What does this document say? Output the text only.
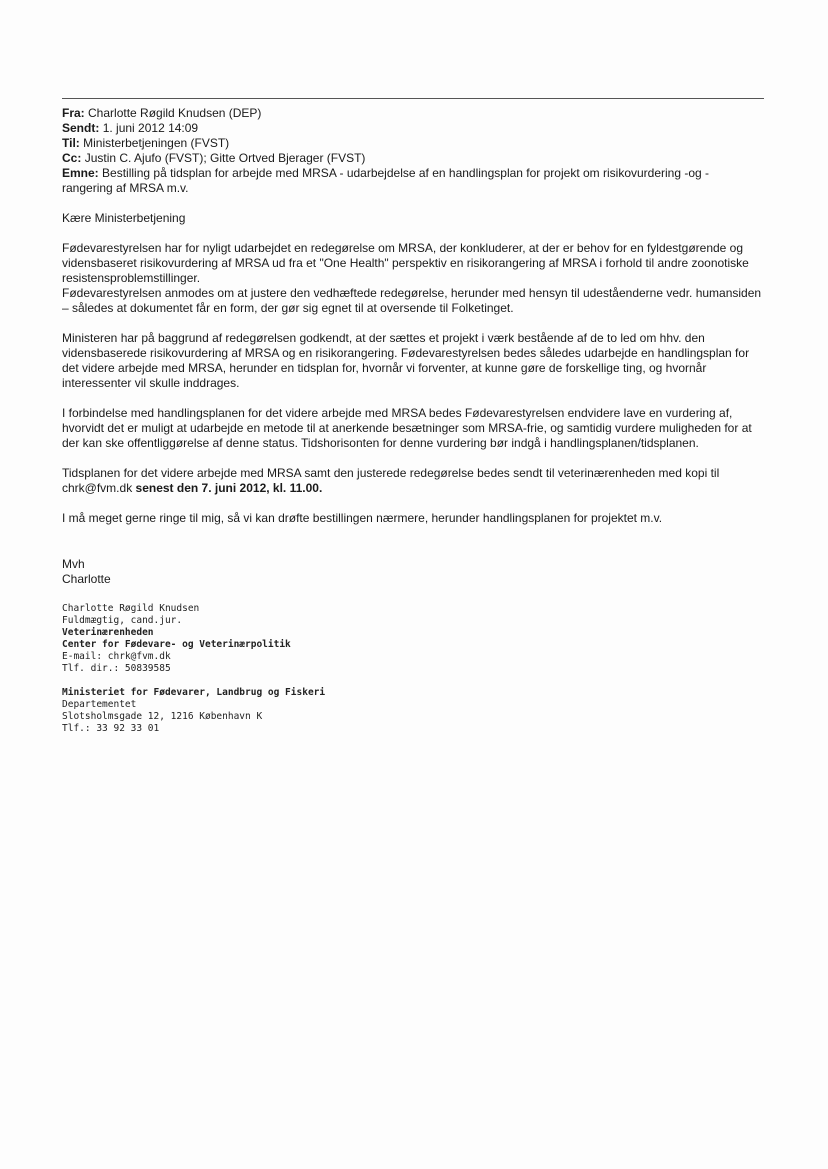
Fra: Charlotte Røgild Knudsen (DEP)
Sendt: 1. juni 2012 14:09
Til: Ministerbetjeningen (FVST)
Cc: Justin C. Ajufo (FVST); Gitte Ortved Bjerager (FVST)
Emne: Bestilling på tidsplan for arbejde med MRSA - udarbejdelse af en handlingsplan for projekt om risikovurdering -og - rangering af MRSA m.v.

Kære Ministerbetjening

Fødevarestyrelsen har for nyligt udarbejdet en redegørelse om MRSA, der konkluderer, at der er behov for en fyldestgørende og vidensbaseret risikovurdering af MRSA ud fra et "One Health" perspektiv en risikorangering af MRSA i forhold til andre zoonotiske resistensproblemstillinger.

Fødevarestyrelsen anmodes om at justere den vedhæftede redegørelse, herunder med hensyn til udeståenderne vedr. humansiden – således at dokumentet får en form, der gør sig egnet til at oversende til Folketinget.

Ministeren har på baggrund af redegørelsen godkendt, at der sættes et projekt i værk bestående af de to led om hhv. den vidensbaserede risikovurdering af MRSA og en risikorangering. Fødevarestyrelsen bedes således udarbejde en handlingsplan for det videre arbejde med MRSA, herunder en tidsplan for, hvornår vi forventer, at kunne gøre de forskellige ting, og hvornår interessenter vil skulle inddrages.

I forbindelse med handlingsplanen for det videre arbejde med MRSA bedes Fødevarestyrelsen endvidere lave en vurdering af, hvorvidt det er muligt at udarbejde en metode til at anerkende besætninger som MRSA-frie, og samtidig vurdere muligheden for at der kan ske offentliggørelse af denne status. Tidshorisonten for denne vurdering bør indgå i handlingsplanen/tidsplanen.

Tidsplanen for det videre arbejde med MRSA samt den justerede redegørelse bedes sendt til veterinærenheden med kopi til chrk@fvm.dk senest den 7. juni 2012, kl. 11.00.

I må meget gerne ringe til mig, så vi kan drøfte bestillingen nærmere, herunder handlingsplanen for projektet m.v.

Mvh
Charlotte
Charlotte Røgild Knudsen
Fuldmægtig, cand.jur.
Veterinærenheden
Center for Fødevare- og Veterinærpolitik
E-mail: chrk@fvm.dk
Tlf. dir.: 50839585
Ministeriet for Fødevarer, Landbrug og Fiskeri
Departementet
Slotsholmsgade 12, 1216 København K
Tlf.: 33 92 33 01
